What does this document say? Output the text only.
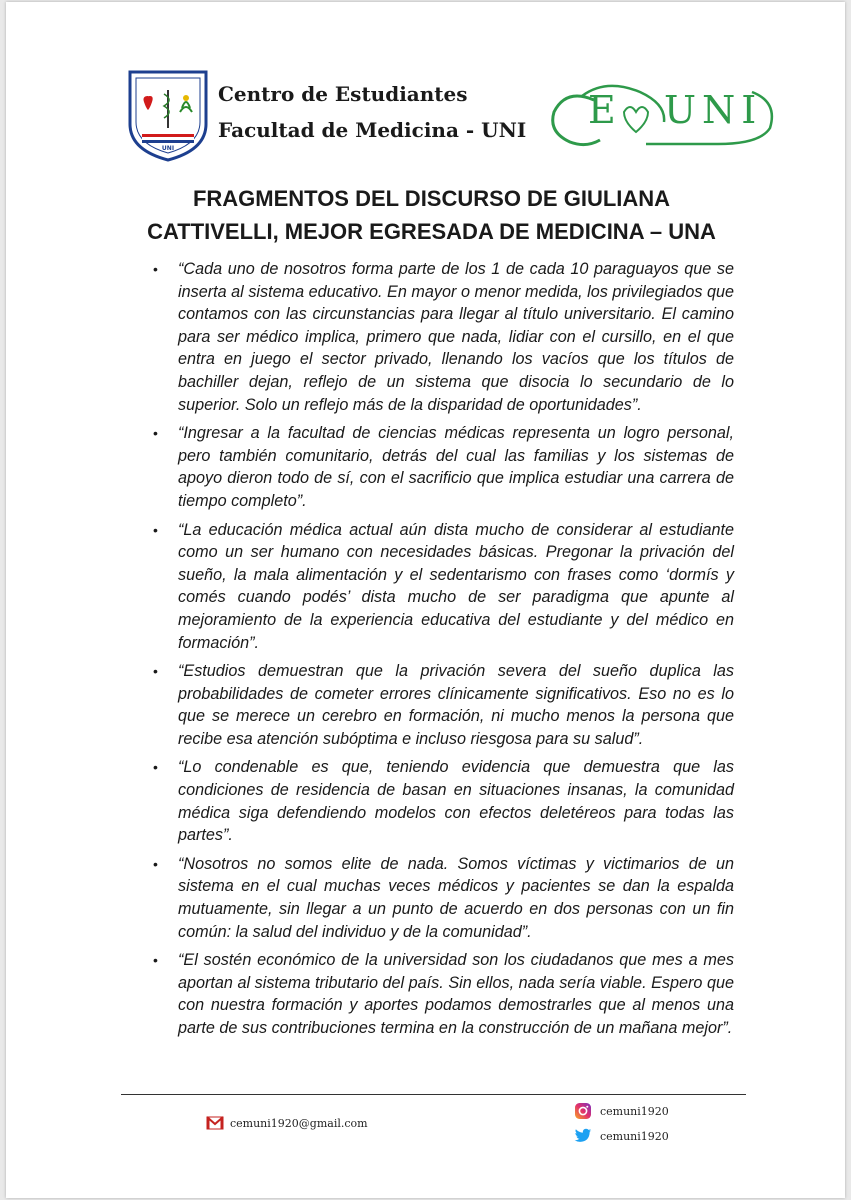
UNI
Centro de Estudiantes
Facultad de Medicina - UNI E UNI
FRAGMENTOS DEL DISCURSO DE GIULIANA
CATTIVELLI, MEJOR EGRESADA DE MEDICINA – UNA
• “Cada uno de nosotros forma parte de los 1 de cada 10 paraguayos que se inserta al sistema educativo. En mayor o menor medida, los privilegiados que contamos con las circunstancias para llegar al título universitario. El camino para ser médico implica, primero que nada, lidiar con el cursillo, en el que entra en juego el sector privado, llenando los vacíos que los títulos de bachiller dejan, reflejo de un sistema que disocia lo secundario de lo superior. Solo un reflejo más de la disparidad de oportunidades”.
• “Ingresar a la facultad de ciencias médicas representa un logro personal, pero también comunitario, detrás del cual las familias y los sistemas de apoyo dieron todo de sí, con el sacrificio que implica estudiar una carrera de tiempo completo”.
• “La educación médica actual aún dista mucho de considerar al estudiante como un ser humano con necesidades básicas. Pregonar la privación del sueño, la mala alimentación y el sedentarismo con frases como ‘dormís y comés cuando podés’ dista mucho de ser paradigma que apunte al mejoramiento de la experiencia educativa del estudiante y del médico en formación”.
• “Estudios demuestran que la privación severa del sueño duplica las probabilidades de cometer errores clínicamente significativos. Eso no es lo que se merece un cerebro en formación, ni mucho menos la persona que recibe esa atención subóptima e incluso riesgosa para su salud”.
• “Lo condenable es que, teniendo evidencia que demuestra que las condiciones de residencia de basan en situaciones insanas, la comunidad médica siga defendiendo modelos con efectos deletéreos para todas las partes”.
• “Nosotros no somos elite de nada. Somos víctimas y victimarios de un sistema en el cual muchas veces médicos y pacientes se dan la espalda mutuamente, sin llegar a un punto de acuerdo en dos personas con un fin común: la salud del individuo y de la comunidad”.
• “El sostén económico de la universidad son los ciudadanos que mes a mes aportan al sistema tributario del país. Sin ellos, nada sería viable. Espero que con nuestra formación y aportes podamos demostrarles que al menos una parte de sus contribuciones termina en la construcción de un mañana mejor”.
cemuni1920@gmail.com
cemuni1920
cemuni1920
